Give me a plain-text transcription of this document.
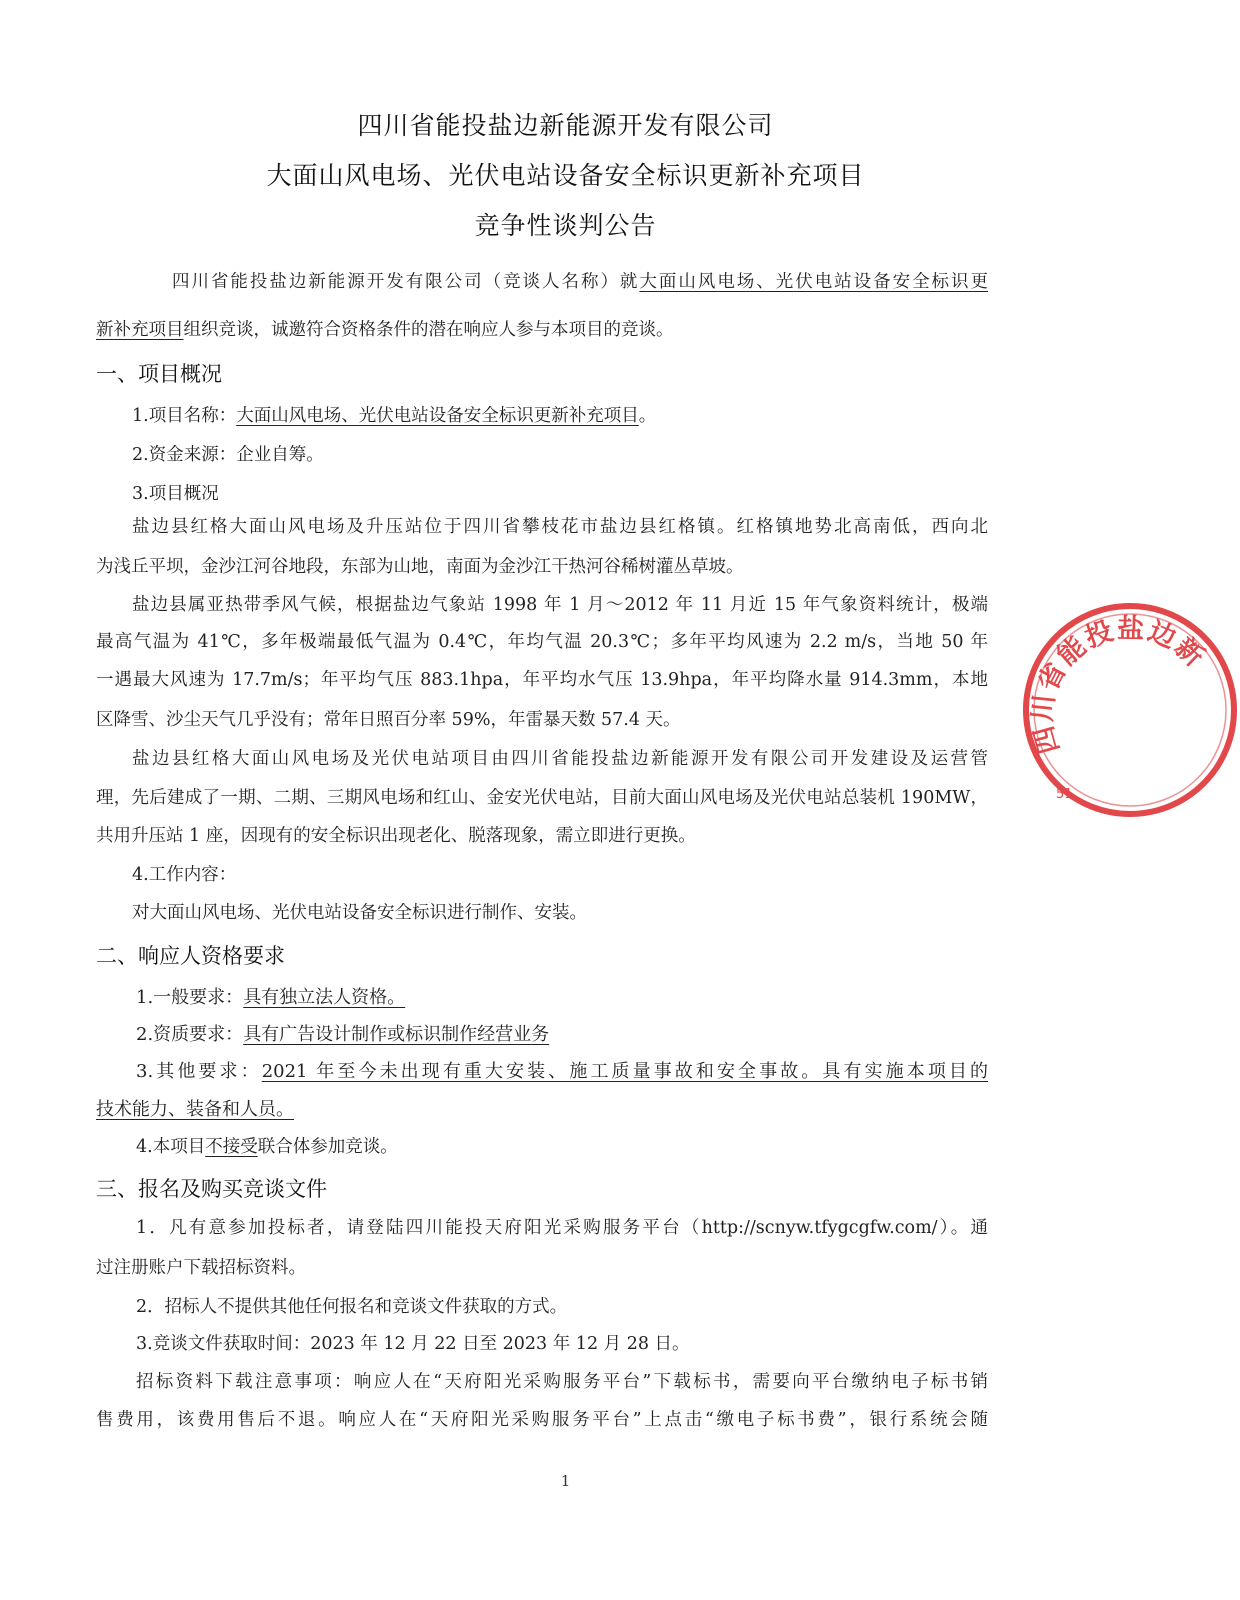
四川省能投盐边新能源开发有限公司
大面山风电场、光伏电站设备安全标识更新补充项目
竞争性谈判公告
四川省能投盐边新能源开发有限公司（竞谈人名称）就大面山风电场、光伏电站设备安全标识更
新补充项目组织竞谈，诚邀符合资格条件的潜在响应人参与本项目的竞谈。
一、项目概况
1.项目名称：大面山风电场、光伏电站设备安全标识更新补充项目。
2.资金来源：企业自筹。
3.项目概况
盐边县红格大面山风电场及升压站位于四川省攀枝花市盐边县红格镇。红格镇地势北高南低，西向北
为浅丘平坝，金沙江河谷地段，东部为山地，南面为金沙江干热河谷稀树灌丛草坡。
盐边县属亚热带季风气候，根据盐边气象站 1998 年 1 月～2012 年 11 月近 15 年气象资料统计，极端
最高气温为 41℃，多年极端最低气温为 0.4℃，年均气温 20.3℃；多年平均风速为 2.2 m/s，当地 50 年
一遇最大风速为 17.7m/s；年平均气压 883.1hpa，年平均水气压 13.9hpa，年平均降水量 914.3mm，本地
区降雪、沙尘天气几乎没有；常年日照百分率 59%，年雷暴天数 57.4 天。
盐边县红格大面山风电场及光伏电站项目由四川省能投盐边新能源开发有限公司开发建设及运营管
理，先后建成了一期、二期、三期风电场和红山、金安光伏电站，目前大面山风电场及光伏电站总装机 190MW，
共用升压站 1 座，因现有的安全标识出现老化、脱落现象，需立即进行更换。
4.工作内容：
对大面山风电场、光伏电站设备安全标识进行制作、安装。
二、响应人资格要求
1.一般要求：具有独立法人资格。
2.资质要求：具有广告设计制作或标识制作经营业务
3.其他要求：2021 年至今未出现有重大安装、施工质量事故和安全事故。具有实施本项目的
技术能力、装备和人员。
4.本项目不接受联合体参加竞谈。
三、报名及购买竞谈文件
1．凡有意参加投标者，请登陆四川能投天府阳光采购服务平台（http://scnyw.tfygcgfw.com/）。通
过注册账户下载招标资料。
2．招标人不提供其他任何报名和竞谈文件获取的方式。
3.竞谈文件获取时间：2023 年 12 月 22 日至 2023 年 12 月 28 日。
招标资料下载注意事项：响应人在“天府阳光采购服务平台”下载标书，需要向平台缴纳电子标书销
售费用，该费用售后不退。响应人在“天府阳光采购服务平台”上点击“缴电子标书费”，银行系统会随
1
四川省能投盐边新
51
